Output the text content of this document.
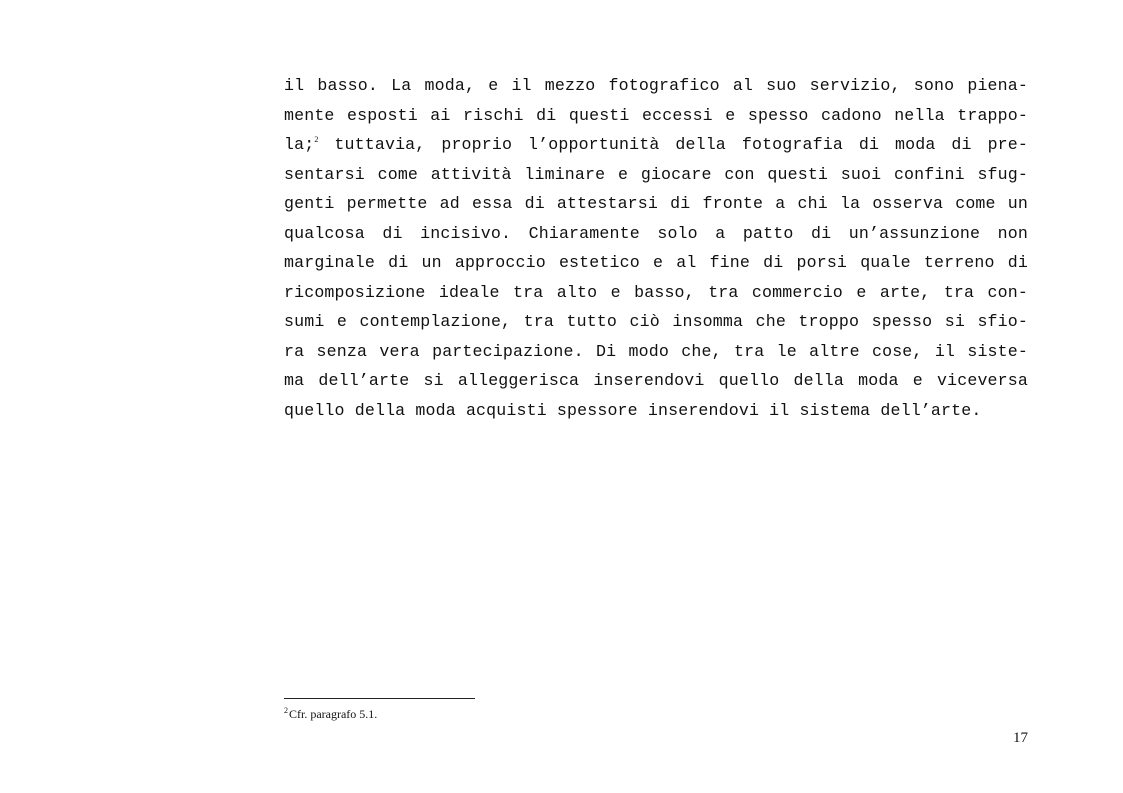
il basso. La moda, e il mezzo fotografico al suo servizio, sono piena-
mente esposti ai rischi di questi eccessi e spesso cadono nella trappo-
la;$^2$ tuttavia, proprio l’opportunità della fotografia di moda di pre-
sentarsi come attività liminare e giocare con questi suoi confini sfug-
genti permette ad essa di attestarsi di fronte a chi la osserva come un
qualcosa di incisivo. Chiaramente solo a patto di un’assunzione non
marginale di un approccio estetico e al fine di porsi quale terreno di
ricomposizione ideale tra alto e basso, tra commercio e arte, tra con-
sumi e contemplazione, tra tutto ciò insomma che troppo spesso si sfio-
ra senza vera partecipazione. Di modo che, tra le altre cose, il siste-
ma dell’arte si alleggerisca inserendovi quello della moda e viceversa
quello della moda acquisti spessore inserendovi il sistema dell’arte.
$^2$Cfr. paragrafo 5.1.
17
